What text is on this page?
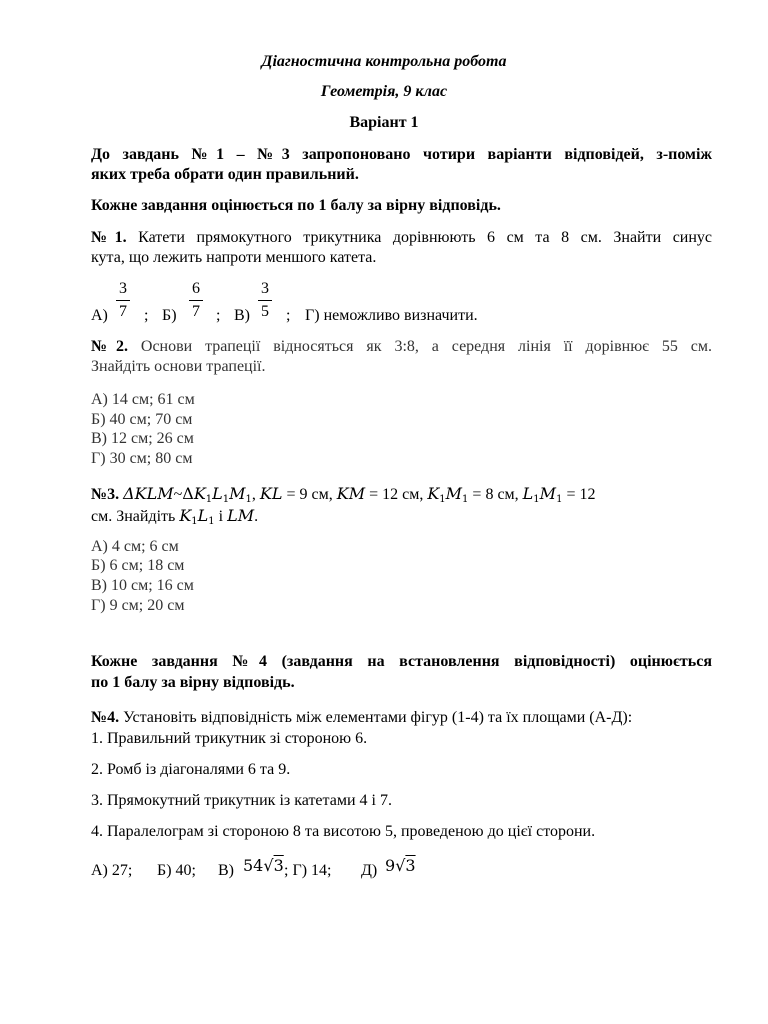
Діагностична контрольна робота
Геометрія, 9 клас
Варіант 1
До завдань №1 – №3 запропоновано чотири варіанти відповідей, з-поміж
яких треба обрати один правильний.
Кожне завдання оцінюється по 1 балу за вірну відповідь.
№1. Катети прямокутного трикутника дорівнюють 6 см та 8 см. Знайти синус
кута, що лежить напроти меншого катета.
А)
3
7 ; Б)
6
7 ; В)
3
5 ; Г) неможливо визначити.
№2. Основи трапеції відносяться як 3:8, а середня лінія її дорівнює 55 см.
Знайдіть основи трапеції.
А) 14 см; 61 см
Б) 40 см; 70 см
В) 12 см; 26 см
Г) 30 см; 80 см
№3. $\Delta KLM\sim\Delta K_1L_1M_1$, KL = 9 см, KM = 12 см, $K_1M_1 = 8$ см, $L_1M_1 = 12$
см. Знайдіть $K_1L_1$ і LM.
А) 4 см; 6 см
Б) 6 см; 18 см
В) 10 см; 16 см
Г) 9 см; 20 см
Кожне завдання №4 (завдання на встановлення відповідності) оцінюється
по 1 балу за вірну відповідь.
№4. Установіть відповідність між елементами фігур (1-4) та їх площами (А-Д):
1. Правильний трикутник зі стороною 6.
2. Ромб із діагоналями 6 та 9.
3. Прямокутний трикутник із катетами 4 і 7.
4. Паралелограм зі стороною 8 та висотою 5, проведеною до цієї сторони.
А) 27; Б) 40; В) 54√3 ; Г) 14; Д) 9√3
